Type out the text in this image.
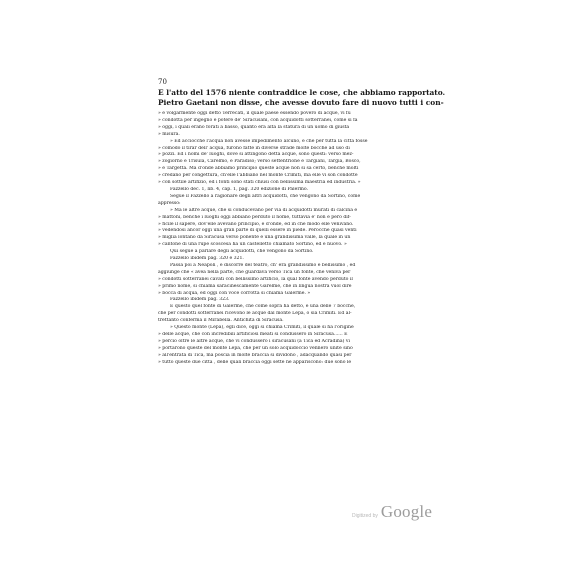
70
E l'atto del 1576 niente contraddice le cose, che abbiamo rapportato.
Pietro Gaetani non disse, che avesse dovuto fare di nuovo tutti i con-
» è volgarmente oggi detto Terrecati, il quale paese essendo povero di acque, vi fu
» condotta per ingegno e potere de' Siracusani, con acquidotti sotterranei, come si fa
» oggi, i quali erano forati a basso, quanto era alta la statura di un uomo di giusta
» misura.
» Ed acciocchè l'acqua non avesse impedimento alcuno, e che per tutta la città fosse
» comodo il tirar dell' acqua, furono fatte in diverse strade molte bocche ad uso di
» pozzi. Ed i nomi de' luoghi, dove si attingono detta acque, sono questi: verso mez-
» zogiorno è Trisula, Carelmo, e Paradiso; verso settentrione è Targiani, Targia, Bosco,
» e Targetta. Ma d'onde abbiamo principio queste acque non si sa certo, benchè molti
» credano per congettura, ch'elle l'abbiano nel monte Crimiti, ma elle vi son condotte
» con sottile artifizio, ed i fonti sono stati chiusi con bellissima maestria ed industria. »
Fazzello dec. 1, lib. 4, cap. 1, pag. 320 edizione di Palermo.
Segue il Fazzello a ragionare degli altri acquidotti, che vengono da Sortino, come
appresso:
» Ma le altre acque, che si conducevano per via di acquidotti murati di calcina e
» mattoni, benchè i luoghi oggi abbiano perduto il nome, tuttavia e' non è però dif-
» ficile il sapere, dov'elle avevano principio, e d'onde, ed in che modo elle venivano.
» vedendosi ancor oggi una gran parte di quelli essere in piede. Perocchè quasi venti
» miglia lontano da Siracusa verso ponente è una grandissima valle, la quale in un
» cantone di una rupe scoscesa ha un castelletto chiamato Sortino, ed è nuovo. »
Qui segue a parlare degli acquidotti, che vengono da Sortino.
Fazzello ibidem pag. 320 e 321.
Passa poi a Neapoli , e discorre del teatro, ch' era grandissimo e bellissimo , ed
aggiunge che « avea nella parte, che guardava verso Tica un fonte, che veniva per
» condotti sotterranei cavati con bellissimo artificio, la qual fonte avendo perduto il
» primo nome, si chiama saracinescamente Garelme, che in lingua nostra vuol dire
» bocca di acqua, ed oggi con voce corrotta si chiama Galerme. »
Fazzello ibidem pag. 323.
È questo quel fonte di Galerme, che come sopra ha detto, è una delle 7 bocche,
che per condotti sotterranei ricevono le acque dal monte Lepa, o sia Crimiti. Ed al-
trettanto conferma il Mirabella. Antichità di Siracusa.
» Questo monte (Lepa), egli dice, oggi si chiama Crimiti, il quale si ha l'origine
» delle acque, che con incredibili artificiosi meati si condussero in Siracusa...... E
» perciò oltre le altre acque, che vi condussero i siracusani (a Tica ed Acradina) vi
» portarono queste del monte Lepa, che per un solo acquidoccio vennero unite sino
» all'entrata di Tica, ma poscia in molte braccia si dividono , adacquando quasi per
» tutto queste due città , delle quali braccia oggi sette ne appariscono: due sono le
Digitized by Google
